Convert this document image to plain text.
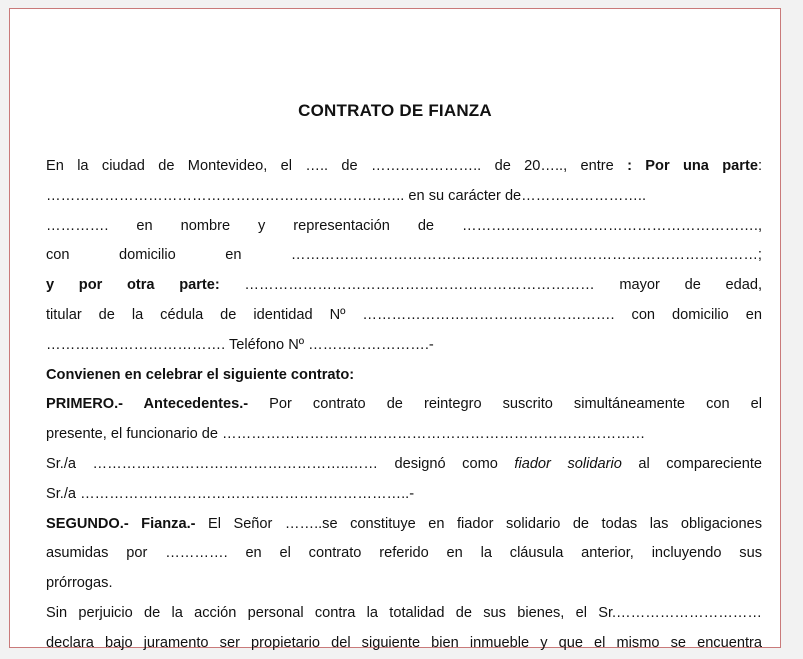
CONTRATO DE FIANZA
En la ciudad de Montevideo, el ….. de ………………….. de 20….., entre : Por una parte:
……………………………………………………………….. en su carácter de……………………..
…………. en nombre y representación de …………………………………………………….,
con domicilio en ……………………………………………………………………………………;
y por otra parte: ……………………………………………………………… mayor de edad,
titular de la cédula de identidad Nº ……………………………………………. con domicilio en
………………………………. Teléfono Nº …………………….-
Convienen en celebrar el siguiente contrato:
PRIMERO.- Antecedentes.- Por contrato de reintegro suscrito simultáneamente con el
presente, el funcionario de ……………………………………………………………………………
Sr./a ……………………………………………..…… designó como fiador solidario al compareciente
Sr./a …………………………………………………………..-
SEGUNDO.- Fianza.- El Señor ……..se constituye en fiador solidario de todas las obligaciones
asumidas por …………. en el contrato referido en la cláusula anterior, incluyendo sus
prórrogas.
Sin perjuicio de la acción personal contra la totalidad de sus bienes, el Sr.…………………………
declara bajo juramento ser propietario del siguiente bien inmueble y que el mismo se encuentra
